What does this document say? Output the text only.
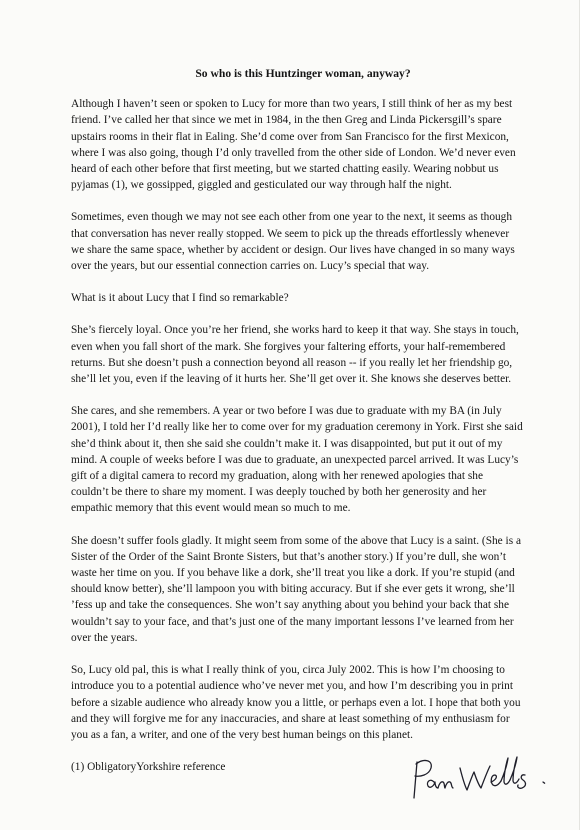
So who is this Huntzinger woman, anyway?

Although I haven’t seen or spoken to Lucy for more than two years, I still think of her as my best friend. I’ve called her that since we met in 1984, in the then Greg and Linda Pickersgill’s spare upstairs rooms in their flat in Ealing. She’d come over from San Francisco for the first Mexicon, where I was also going, though I’d only travelled from the other side of London. We’d never even heard of each other before that first meeting, but we started chatting easily. Wearing nobbut us pyjamas (1), we gossipped, giggled and gesticulated our way through half the night.

Sometimes, even though we may not see each other from one year to the next, it seems as though that conversation has never really stopped. We seem to pick up the threads effortlessly whenever we share the same space, whether by accident or design. Our lives have changed in so many ways over the years, but our essential connection carries on. Lucy’s special that way.

What is it about Lucy that I find so remarkable?

She’s fiercely loyal. Once you’re her friend, she works hard to keep it that way. She stays in touch, even when you fall short of the mark. She forgives your faltering efforts, your half-remembered returns. But she doesn’t push a connection beyond all reason -- if you really let her friendship go, she’ll let you, even if the leaving of it hurts her. She’ll get over it. She knows she deserves better.

She cares, and she remembers. A year or two before I was due to graduate with my BA (in July 2001), I told her I’d really like her to come over for my graduation ceremony in York. First she said she’d think about it, then she said she couldn’t make it. I was disappointed, but put it out of my mind. A couple of weeks before I was due to graduate, an unexpected parcel arrived. It was Lucy’s gift of a digital camera to record my graduation, along with her renewed apologies that she couldn’t be there to share my moment. I was deeply touched by both her generosity and her empathic memory that this event would mean so much to me.

She doesn’t suffer fools gladly. It might seem from some of the above that Lucy is a saint. (She is a Sister of the Order of the Saint Bronte Sisters, but that’s another story.) If you’re dull, she won’t waste her time on you. If you behave like a dork, she’ll treat you like a dork. If you’re stupid (and should know better), she’ll lampoon you with biting accuracy. But if she ever gets it wrong, she’ll ’fess up and take the consequences. She won’t say anything about you behind your back that she wouldn’t say to your face, and that’s just one of the many important lessons I’ve learned from her over the years.

So, Lucy old pal, this is what I really think of you, circa July 2002. This is how I’m choosing to introduce you to a potential audience who’ve never met you, and how I’m describing you in print before a sizable audience who already know you a little, or perhaps even a lot. I hope that both you and they will forgive me for any inaccuracies, and share at least something of my enthusiasm for you as a fan, a writer, and one of the very best human beings on this planet.

(1) ObligatoryYorkshire reference
